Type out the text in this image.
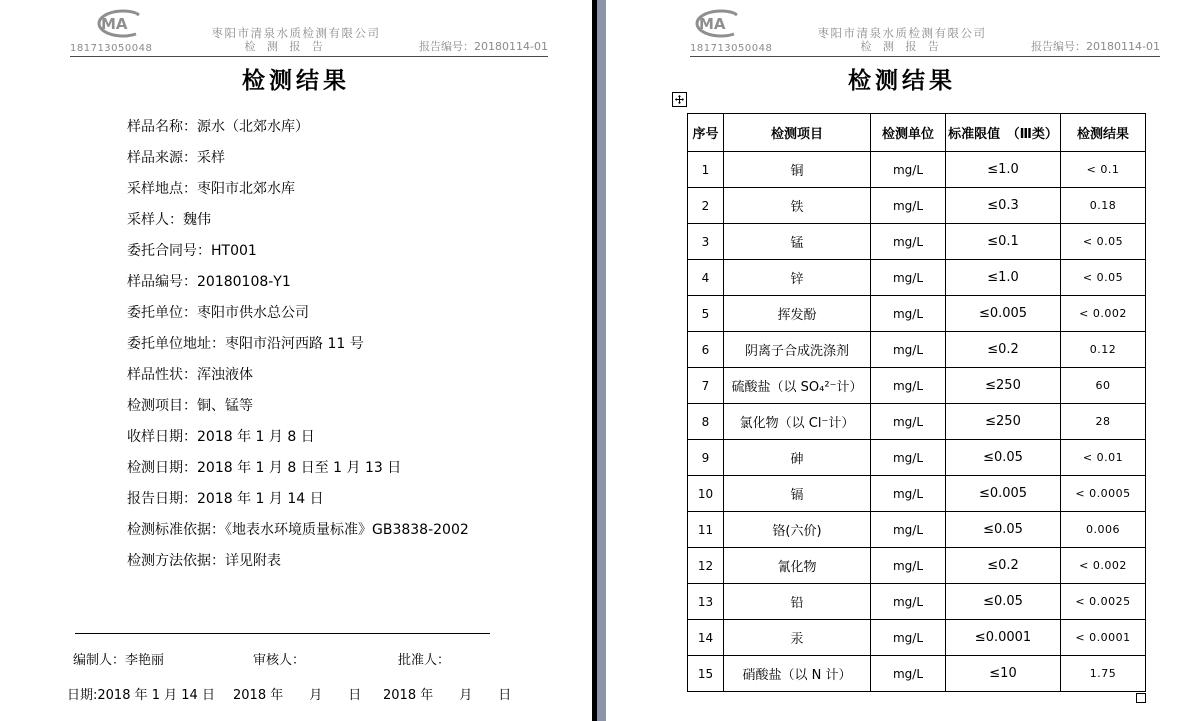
MA	枣阳市清泉水质检测有限公司
181713050048	检 测 报 告	报告编号：20180114-01
检测结果
样品名称：源水（北郊水库）
样品来源：采样
采样地点：枣阳市北郊水库
采样人：魏伟
委托合同号：HT001
样品编号：20180108-Y1
委托单位：枣阳市供水总公司
委托单位地址：枣阳市沿河西路 11 号
样品性状：浑浊液体
检测项目：铜、锰等
收样日期：2018 年 1 月 8 日
检测日期：2018 年 1 月 8 日至 1 月 13 日
报告日期：2018 年 1 月 14 日
检测标准依据：《地表水环境质量标准》GB3838-2002
检测方法依据：详见附表
编制人：李艳丽	审核人：	批准人：
日期:2018 年 1 月 14 日 2018 年　　月　　日 2018 年　　月　　日
MA	枣阳市清泉水质检测有限公司
181713050048	检 测 报 告	报告编号：20180114-01
检测结果
序号	检测项目	检测单位	标准限值　（Ⅲ类）	检测结果
1	铜	mg/L	≤1.0	< 0.1
2	铁	mg/L	≤0.3	0.18
3	锰	mg/L	≤0.1	< 0.05
4	锌	mg/L	≤1.0	< 0.05
5	挥发酚	mg/L	≤0.005	< 0.002
6	阴离子合成洗涤剂	mg/L	≤0.2	0.12
7	硫酸盐（以 SO₄²⁻计）	mg/L	≤250	60
8	氯化物（以 Cl⁻计）	mg/L	≤250	28
9	砷	mg/L	≤0.05	< 0.01
10	镉	mg/L	≤0.005	< 0.0005
11	铬(六价)	mg/L	≤0.05	0.006
12	氰化物	mg/L	≤0.2	< 0.002
13	铅	mg/L	≤0.05	< 0.0025
14	汞	mg/L	≤0.0001	< 0.0001
15	硝酸盐（以 N 计）	mg/L	≤10	1.75
